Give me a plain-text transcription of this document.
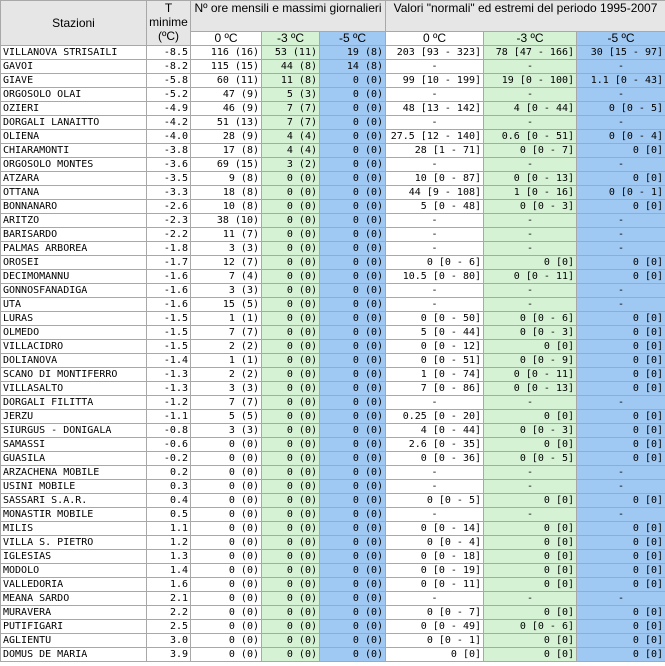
Stazioni	T minime
(ºC)	Nº ore mensili e massimi giornalieri			Valori "normali" ed estremi del periodo 1995-2007		
		0 ºC	-3 ºC	-5 ºC	0 ºC	-3 ºC	-5 ºC
VILLANOVA STRISAILI	-8.5	116 (16)	53 (11)	19 (8)	203 [93 - 323]	78 [47 - 166]	30 [15 - 97]
GAVOI	-8.2	115 (15)	44 (8)	14 (8)	-	-	-
GIAVE	-5.8	60 (11)	11 (8)	0 (0)	99 [10 - 199]	19 [0 - 100]	1.1 [0 - 43]
ORGOSOLO OLAI	-5.2	47 (9)	5 (3)	0 (0)	-	-	-
OZIERI	-4.9	46 (9)	7 (7)	0 (0)	48 [13 - 142]	4 [0 - 44]	0 [0 - 5]
DORGALI LANAITTO	-4.2	51 (13)	7 (7)	0 (0)	-	-	-
OLIENA	-4.0	28 (9)	4 (4)	0 (0)	27.5 [12 - 140]	0.6 [0 - 51]	0 [0 - 4]
CHIARAMONTI	-3.8	17 (8)	4 (4)	0 (0)	28 [1 - 71]	0 [0 - 7]	0 [0]
ORGOSOLO MONTES	-3.6	69 (15)	3 (2)	0 (0)	-	-	-
ATZARA	-3.5	9 (8)	0 (0)	0 (0)	10 [0 - 87]	0 [0 - 13]	0 [0]
OTTANA	-3.3	18 (8)	0 (0)	0 (0)	44 [9 - 108]	1 [0 - 16]	0 [0 - 1]
BONNANARO	-2.6	10 (8)	0 (0)	0 (0)	5 [0 - 48]	0 [0 - 3]	0 [0]
ARITZO	-2.3	38 (10)	0 (0)	0 (0)	-	-	-
BARISARDO	-2.2	11 (7)	0 (0)	0 (0)	-	-	-
PALMAS ARBOREA	-1.8	3 (3)	0 (0)	0 (0)	-	-	-
OROSEI	-1.7	12 (7)	0 (0)	0 (0)	0 [0 - 6]	0 [0]	0 [0]
DECIMOMANNU	-1.6	7 (4)	0 (0)	0 (0)	10.5 [0 - 80]	0 [0 - 11]	0 [0]
GONNOSFANADIGA	-1.6	3 (3)	0 (0)	0 (0)	-	-	-
UTA	-1.6	15 (5)	0 (0)	0 (0)	-	-	-
LURAS	-1.5	1 (1)	0 (0)	0 (0)	0 [0 - 50]	0 [0 - 6]	0 [0]
OLMEDO	-1.5	7 (7)	0 (0)	0 (0)	5 [0 - 44]	0 [0 - 3]	0 [0]
VILLACIDRO	-1.5	2 (2)	0 (0)	0 (0)	0 [0 - 12]	0 [0]	0 [0]
DOLIANOVA	-1.4	1 (1)	0 (0)	0 (0)	0 [0 - 51]	0 [0 - 9]	0 [0]
SCANO DI MONTIFERRO	-1.3	2 (2)	0 (0)	0 (0)	1 [0 - 74]	0 [0 - 11]	0 [0]
VILLASALTO	-1.3	3 (3)	0 (0)	0 (0)	7 [0 - 86]	0 [0 - 13]	0 [0]
DORGALI FILITTA	-1.2	7 (7)	0 (0)	0 (0)	-	-	-
JERZU	-1.1	5 (5)	0 (0)	0 (0)	0.25 [0 - 20]	0 [0]	0 [0]
SIURGUS - DONIGALA	-0.8	3 (3)	0 (0)	0 (0)	4 [0 - 44]	0 [0 - 3]	0 [0]
SAMASSI	-0.6	0 (0)	0 (0)	0 (0)	2.6 [0 - 35]	0 [0]	0 [0]
GUASILA	-0.2	0 (0)	0 (0)	0 (0)	0 [0 - 36]	0 [0 - 5]	0 [0]
ARZACHENA MOBILE	0.2	0 (0)	0 (0)	0 (0)	-	-	-
USINI MOBILE	0.3	0 (0)	0 (0)	0 (0)	-	-	-
SASSARI S.A.R.	0.4	0 (0)	0 (0)	0 (0)	0 [0 - 5]	0 [0]	0 [0]
MONASTIR MOBILE	0.5	0 (0)	0 (0)	0 (0)	-	-	-
MILIS	1.1	0 (0)	0 (0)	0 (0)	0 [0 - 14]	0 [0]	0 [0]
VILLA S. PIETRO	1.2	0 (0)	0 (0)	0 (0)	0 [0 - 4]	0 [0]	0 [0]
IGLESIAS	1.3	0 (0)	0 (0)	0 (0)	0 [0 - 18]	0 [0]	0 [0]
MODOLO	1.4	0 (0)	0 (0)	0 (0)	0 [0 - 19]	0 [0]	0 [0]
VALLEDORIA	1.6	0 (0)	0 (0)	0 (0)	0 [0 - 11]	0 [0]	0 [0]
MEANA SARDO	2.1	0 (0)	0 (0)	0 (0)	-	-	-
MURAVERA	2.2	0 (0)	0 (0)	0 (0)	0 [0 - 7]	0 [0]	0 [0]
PUTIFIGARI	2.5	0 (0)	0 (0)	0 (0)	0 [0 - 49]	0 [0 - 6]	0 [0]
AGLIENTU	3.0	0 (0)	0 (0)	0 (0)	0 [0 - 1]	0 [0]	0 [0]
DOMUS DE MARIA	3.9	0 (0)	0 (0)	0 (0)	0 [0]	0 [0]	0 [0]
